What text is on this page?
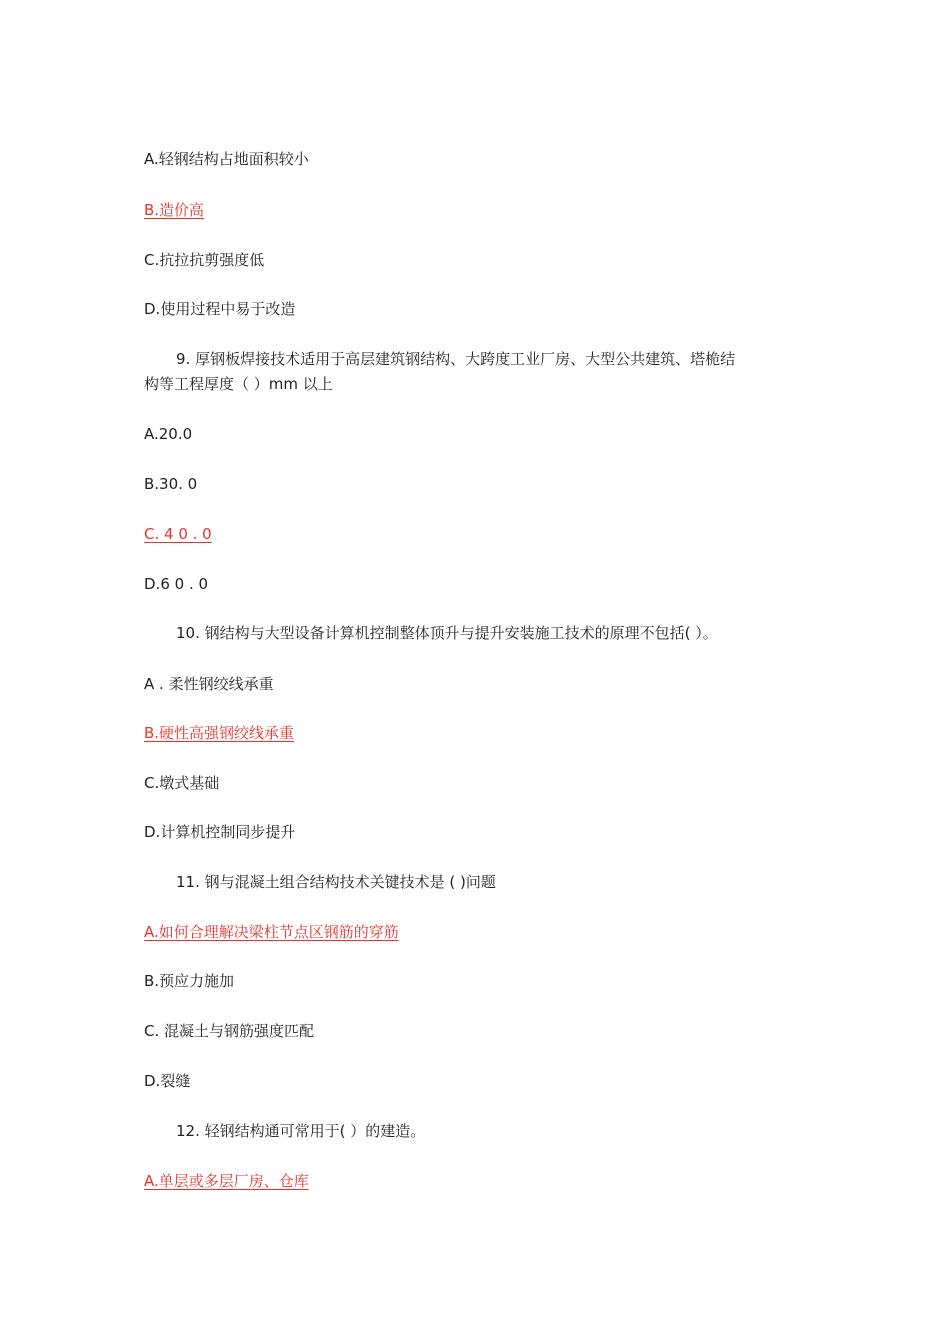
A.轻钢结构占地面积较小
B.造价高
C.抗拉抗剪强度低
D.使用过程中易于改造
9. 厚钢板焊接技术适用于高层建筑钢结构、大跨度工业厂房、大型公共建筑、塔桅结
构等工程厚度（ ）mm 以上
A.20.0
B.30. 0
C. 4 0 . 0
D.6 0 . 0
10. 钢结构与大型设备计算机控制整体顶升与提升安装施工技术的原理不包括( ）。
A . 柔性钢绞线承重
B.硬性高强钢绞线承重
C.墩式基础
D.计算机控制同步提升
11. 钢与混凝土组合结构技术关键技术是 ( )问题
A.如何合理解决梁柱节点区钢筋的穿筋
B.预应力施加
C. 混凝土与钢筋强度匹配
D.裂缝
12. 轻钢结构通可常用于( ）的建造。
A.单层或多层厂房、仓库
